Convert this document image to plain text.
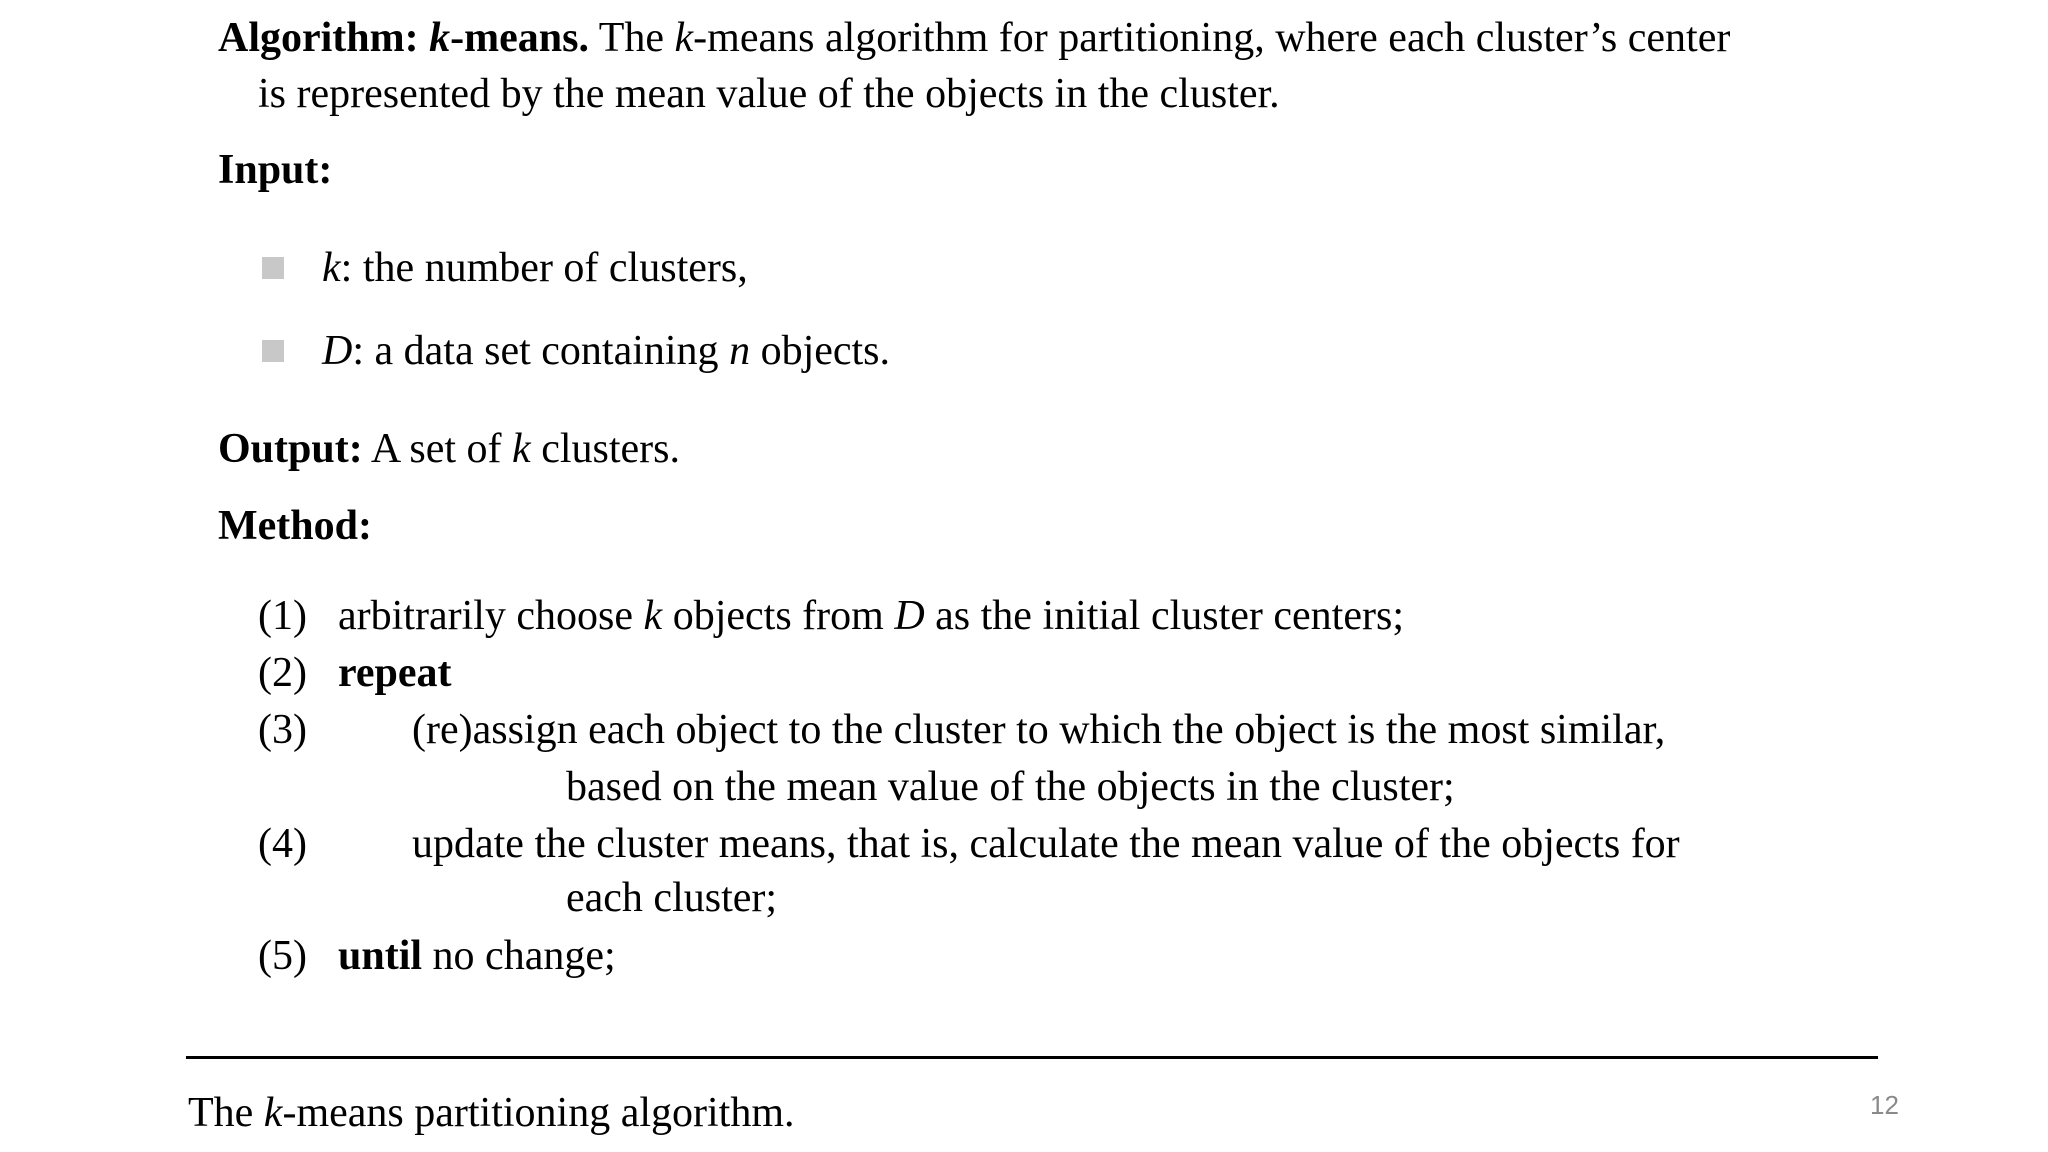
Algorithm: k-means. The k-means algorithm for partitioning, where each cluster’s center
is represented by the mean value of the objects in the cluster.
Input:
k: the number of clusters,
D: a data set containing n objects.
Output: A set of k clusters.
Method:
(1) arbitrarily choose k objects from D as the initial cluster centers;
(2) repeat
(3)	(re)assign each object to the cluster to which the object is the most similar,
based on the mean value of the objects in the cluster;
(4)	update the cluster means, that is, calculate the mean value of the objects for
each cluster;
(5) until no change;
The k-means partitioning algorithm.	12
